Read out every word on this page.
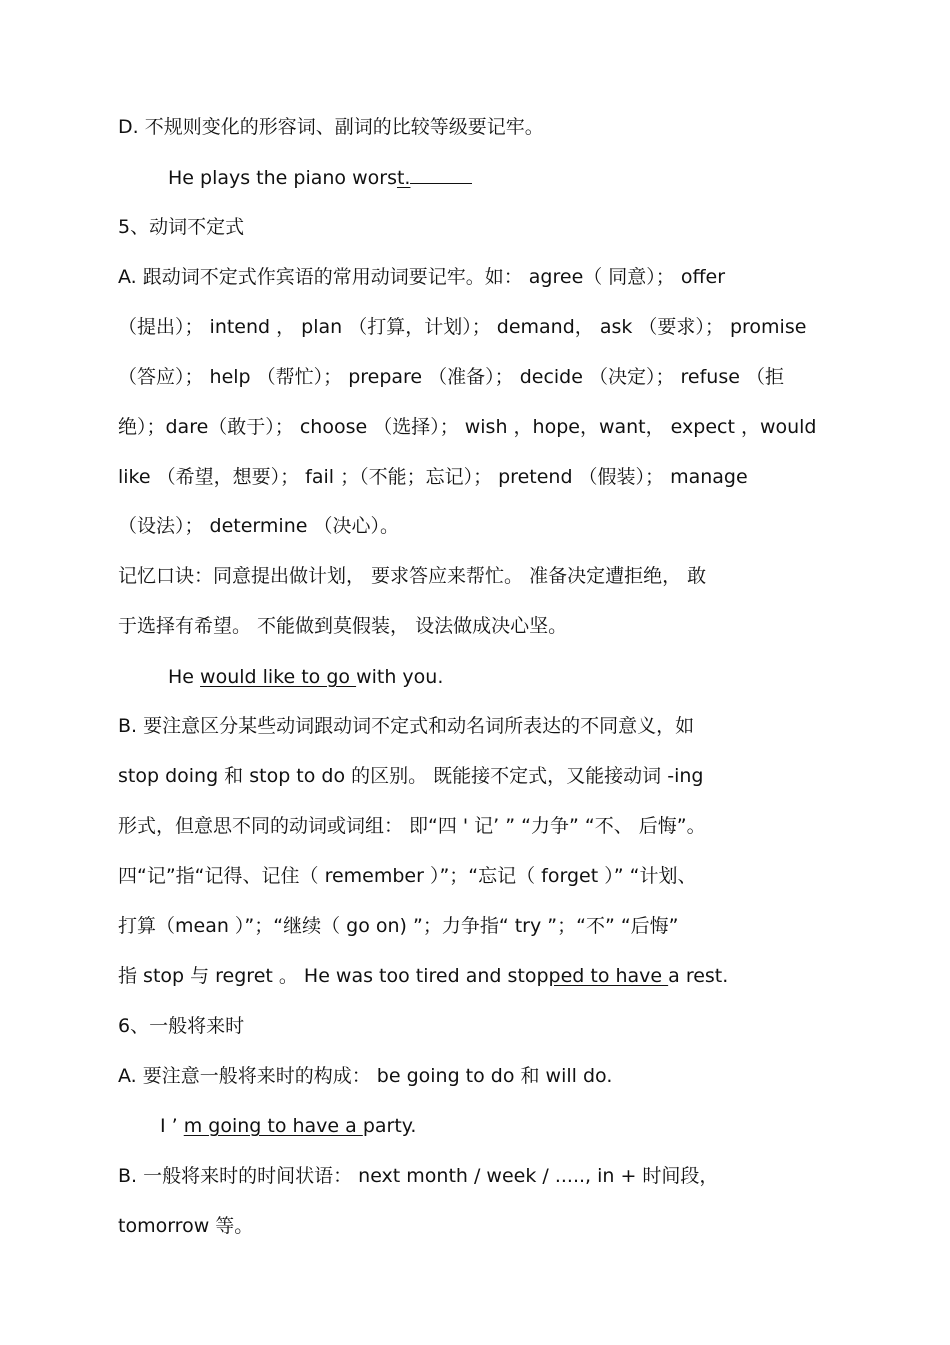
D. 不规则变化的形容词、副词的比较等级要记牢。
He plays the piano worst.
5、动词不定式
A. 跟动词不定式作宾语的常用动词要记牢。如： agree（ 同意）； offer
（提出）； intend ， plan （打算，计划）； demand， ask （要求）； promise
（答应）； help （帮忙）； prepare （准备）； decide （决定）； refuse （拒
绝）；dare（敢于）； choose （选择）； wish ，hope，want， expect ，would
like （希望，想要）； fail ；（不能；忘记）； pretend （假装）； manage
（设法）； determine （决心）。
记忆口诀：同意提出做计划， 要求答应来帮忙。 准备决定遭拒绝， 敢
于选择有希望。 不能做到莫假装， 设法做成决心坚。
He would like to go with you.
B. 要注意区分某些动词跟动词不定式和动名词所表达的不同意义，如
stop doing 和 stop to do 的区别。 既能接不定式，又能接动词 -ing
形式，但意思不同的动词或词组： 即“四 ' 记’ ” “力争” “不、 后悔”。
四“记”指“记得、记住（ remember ）”；“忘记（ forget ）” “计划、
打算（mean ）”；“继续（ go on) ”；力争指“ try ”；“不” “后悔”
指 stop 与 regret 。 He was too tired and stopped to have a rest.
6、一般将来时
A. 要注意一般将来时的构成： be going to do 和 will do.
I ’ m going to have a party.
B. 一般将来时的时间状语： next month / week / ....., in + 时间段，
tomorrow 等。
